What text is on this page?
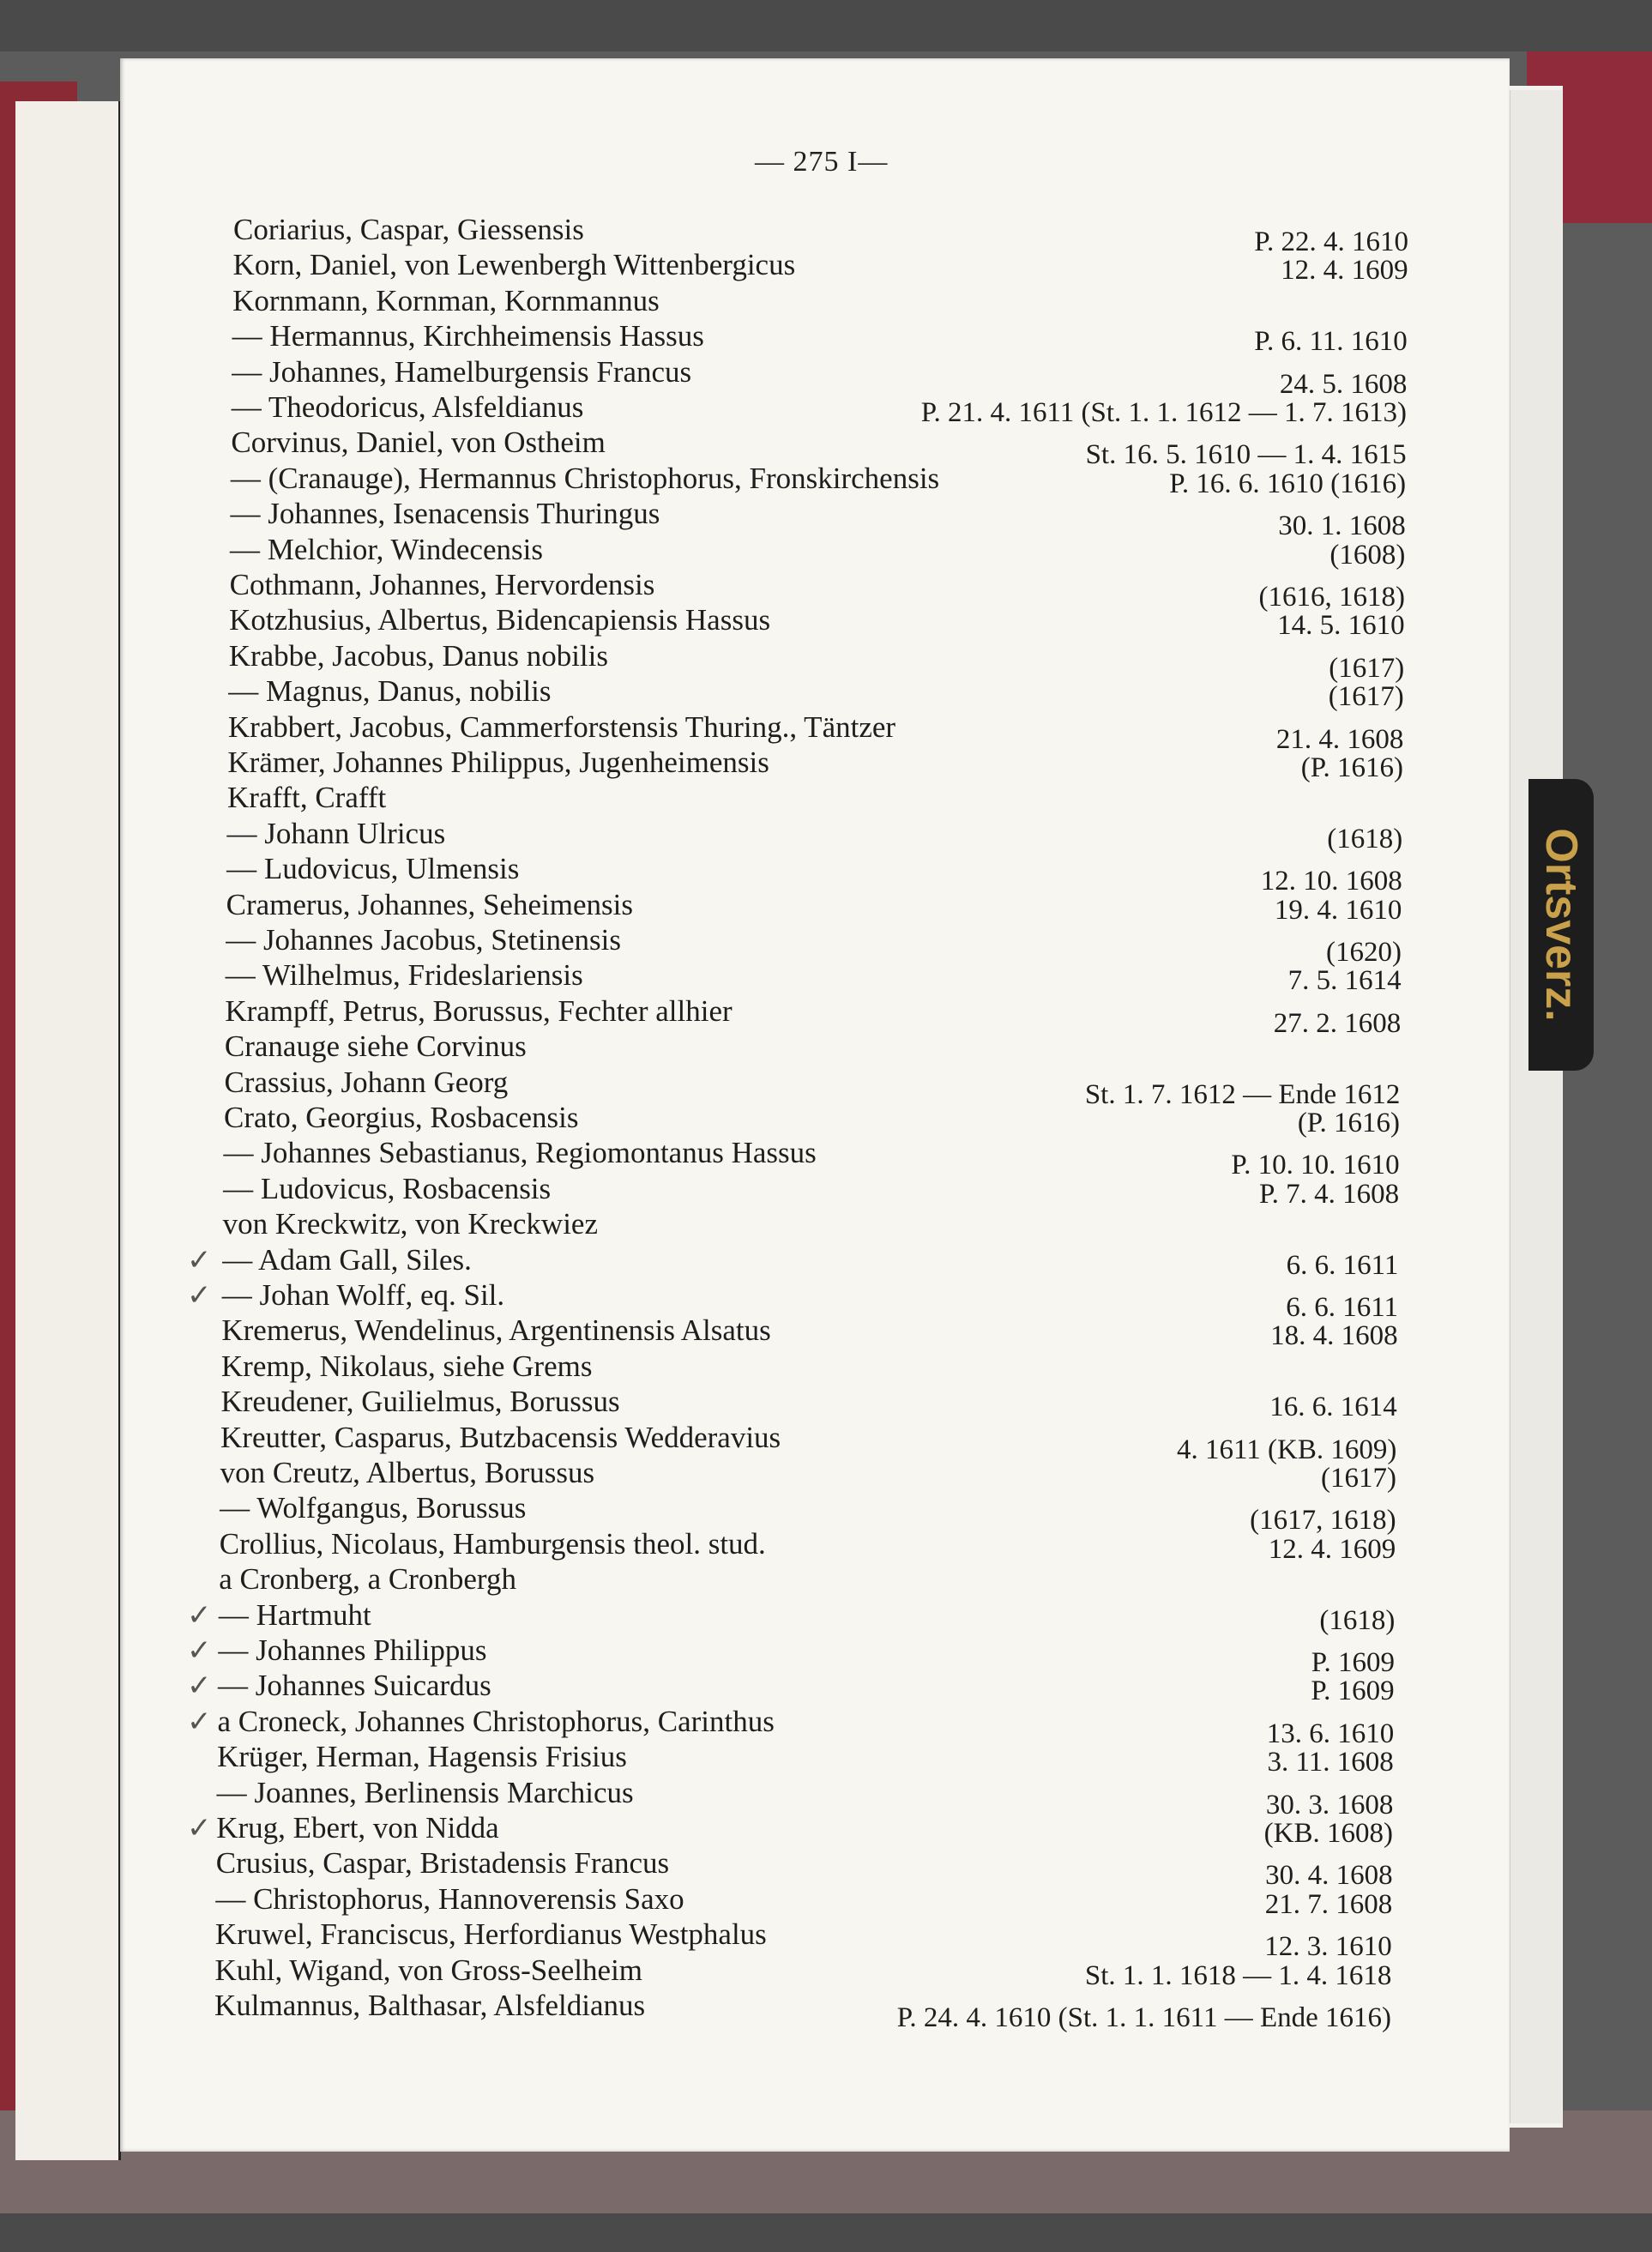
Ortsverz.
— 275 I—
Coriarius, Caspar, Giessensis	P. 22. 4. 1610
Korn, Daniel, von Lewenbergh Wittenbergicus	12. 4. 1609
Kornmann, Kornman, Kornmannus
— Hermannus, Kirchheimensis Hassus	P. 6. 11. 1610
— Johannes, Hamelburgensis Francus	24. 5. 1608
— Theodoricus, Alsfeldianus	P. 21. 4. 1611 (St. 1. 1. 1612 — 1. 7. 1613)
Corvinus, Daniel, von Ostheim	St. 16. 5. 1610 — 1. 4. 1615
— (Cranauge), Hermannus Christophorus, Fronskirchensis	P. 16. 6. 1610 (1616)
— Johannes, Isenacensis Thuringus	30. 1. 1608
— Melchior, Windecensis	(1608)
Cothmann, Johannes, Hervordensis	(1616, 1618)
Kotzhusius, Albertus, Bidencapiensis Hassus	14. 5. 1610
Krabbe, Jacobus, Danus nobilis	(1617)
— Magnus, Danus, nobilis	(1617)
Krabbert, Jacobus, Cammerforstensis Thuring., Täntzer	21. 4. 1608
Krämer, Johannes Philippus, Jugenheimensis	(P. 1616)
Krafft, Crafft
— Johann Ulricus	(1618)
— Ludovicus, Ulmensis	12. 10. 1608
Cramerus, Johannes, Seheimensis	19. 4. 1610
— Johannes Jacobus, Stetinensis	(1620)
— Wilhelmus, Frideslariensis	7. 5. 1614
Krampff, Petrus, Borussus, Fechter allhier	27. 2. 1608
Cranauge siehe Corvinus
Crassius, Johann Georg	St. 1. 7. 1612 — Ende 1612
Crato, Georgius, Rosbacensis	(P. 1616)
— Johannes Sebastianus, Regiomontanus Hassus	P. 10. 10. 1610
— Ludovicus, Rosbacensis	P. 7. 4. 1608
von Kreckwitz, von Kreckwiez
— Adam Gall, Siles.	6. 6. 1611
— Johan Wolff, eq. Sil.	6. 6. 1611
Kremerus, Wendelinus, Argentinensis Alsatus	18. 4. 1608
Kremp, Nikolaus, siehe Grems
Kreudener, Guilielmus, Borussus	16. 6. 1614
Kreutter, Casparus, Butzbacensis Wedderavius	4. 1611 (KB. 1609)
von Creutz, Albertus, Borussus	(1617)
— Wolfgangus, Borussus	(1617, 1618)
Crollius, Nicolaus, Hamburgensis theol. stud.	12. 4. 1609
a Cronberg, a Cronbergh
— Hartmuht	(1618)
— Johannes Philippus	P. 1609
— Johannes Suicardus	P. 1609
a Croneck, Johannes Christophorus, Carinthus	13. 6. 1610
Krüger, Herman, Hagensis Frisius	3. 11. 1608
— Joannes, Berlinensis Marchicus	30. 3. 1608
Krug, Ebert, von Nidda	(KB. 1608)
Crusius, Caspar, Bristadensis Francus	30. 4. 1608
— Christophorus, Hannoverensis Saxo	21. 7. 1608
Kruwel, Franciscus, Herfordianus Westphalus	12. 3. 1610
Kuhl, Wigand, von Gross-Seelheim	St. 1. 1. 1618 — 1. 4. 1618
Kulmannus, Balthasar, Alsfeldianus	P. 24. 4. 1610 (St. 1. 1. 1611 — Ende 1616)
✓
✓
✓
✓
✓
✓
✓
